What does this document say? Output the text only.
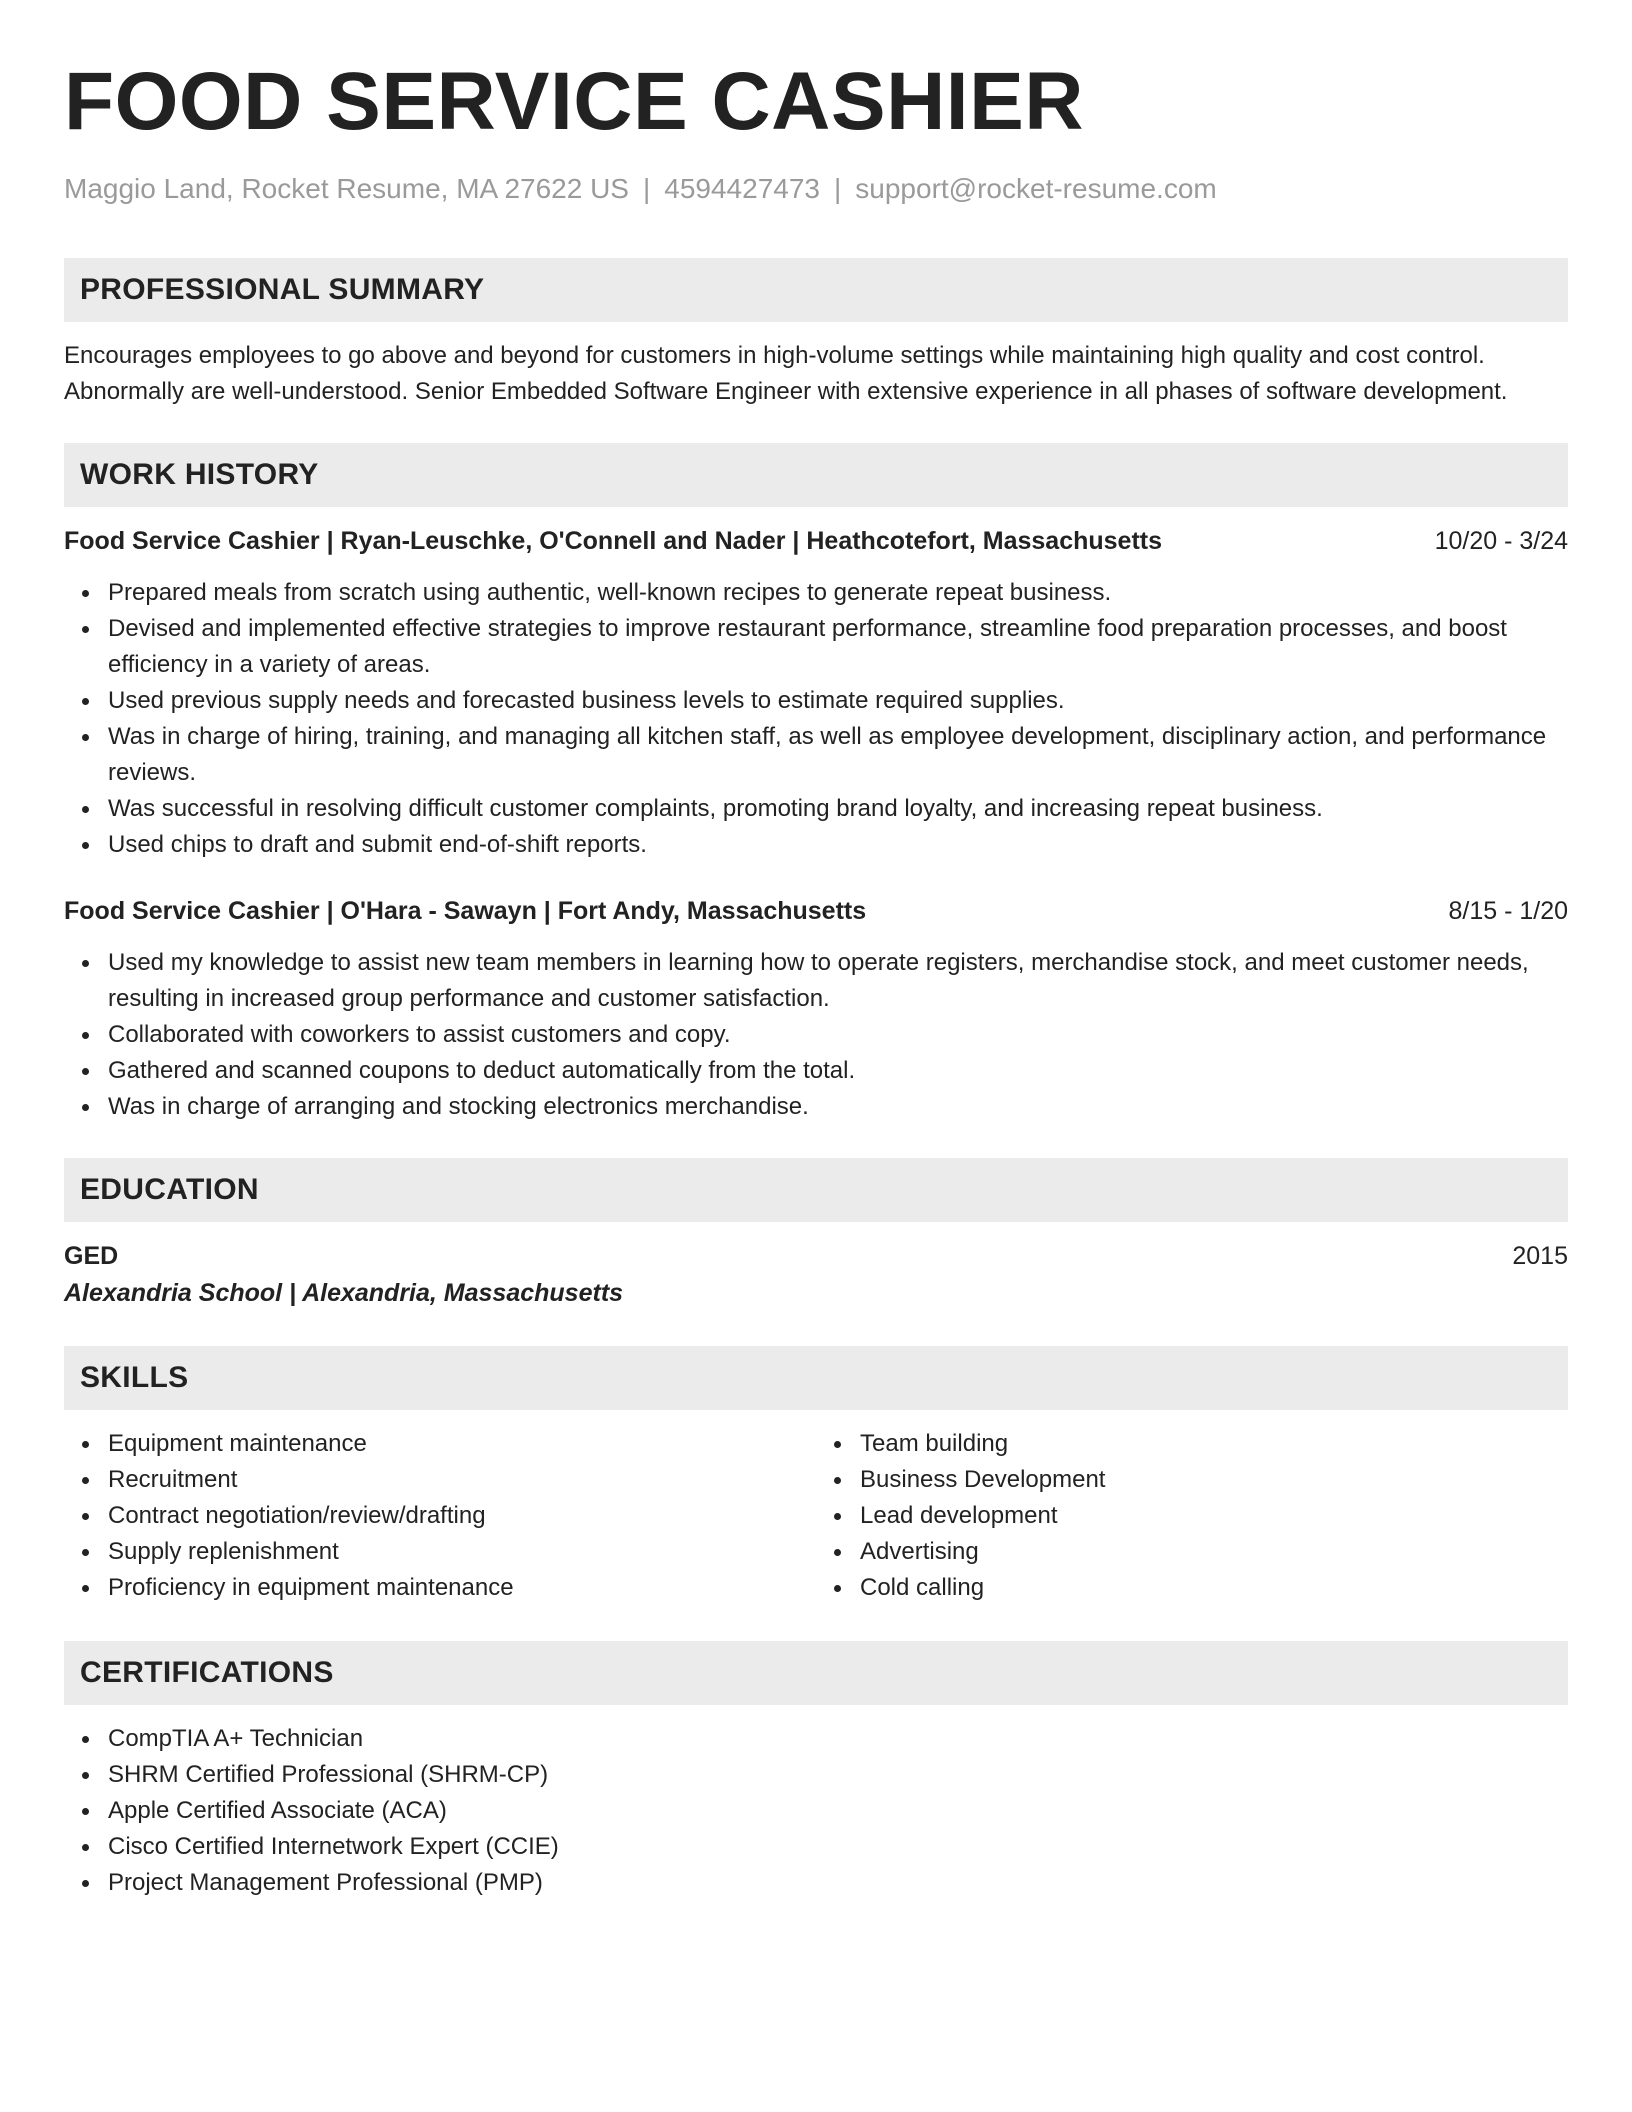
FOOD SERVICE CASHIER
Maggio Land, Rocket Resume, MA 27622 US | 4594427473 | support@rocket-resume.com
PROFESSIONAL SUMMARY

Encourages employees to go above and beyond for customers in high-volume settings while maintaining high quality and cost control. Abnormally are well-understood. Senior Embedded Software Engineer with extensive experience in all phases of software development.

WORK HISTORY
Food Service Cashier | Ryan-Leuschke, O'Connell and Nader | Heathcotefort, Massachusetts	10/20 - 3/24
Prepared meals from scratch using authentic, well-known recipes to generate repeat business.
Devised and implemented effective strategies to improve restaurant performance, streamline food preparation processes, and boost efficiency in a variety of areas.
Used previous supply needs and forecasted business levels to estimate required supplies.
Was in charge of hiring, training, and managing all kitchen staff, as well as employee development, disciplinary action, and performance reviews.
Was successful in resolving difficult customer complaints, promoting brand loyalty, and increasing repeat business.
Used chips to draft and submit end-of-shift reports.
Food Service Cashier | O'Hara - Sawayn | Fort Andy, Massachusetts	8/15 - 1/20
Used my knowledge to assist new team members in learning how to operate registers, merchandise stock, and meet customer needs, resulting in increased group performance and customer satisfaction.
Collaborated with coworkers to assist customers and copy.
Gathered and scanned coupons to deduct automatically from the total.
Was in charge of arranging and stocking electronics merchandise.
EDUCATION
GED	2015
Alexandria School | Alexandria, Massachusetts
SKILLS
Equipment maintenance
Recruitment
Contract negotiation/review/drafting
Supply replenishment
Proficiency in equipment maintenance
Team building
Business Development
Lead development
Advertising
Cold calling
CERTIFICATIONS
CompTIA A+ Technician
SHRM Certified Professional (SHRM-CP)
Apple Certified Associate (ACA)
Cisco Certified Internetwork Expert (CCIE)
Project Management Professional (PMP)
